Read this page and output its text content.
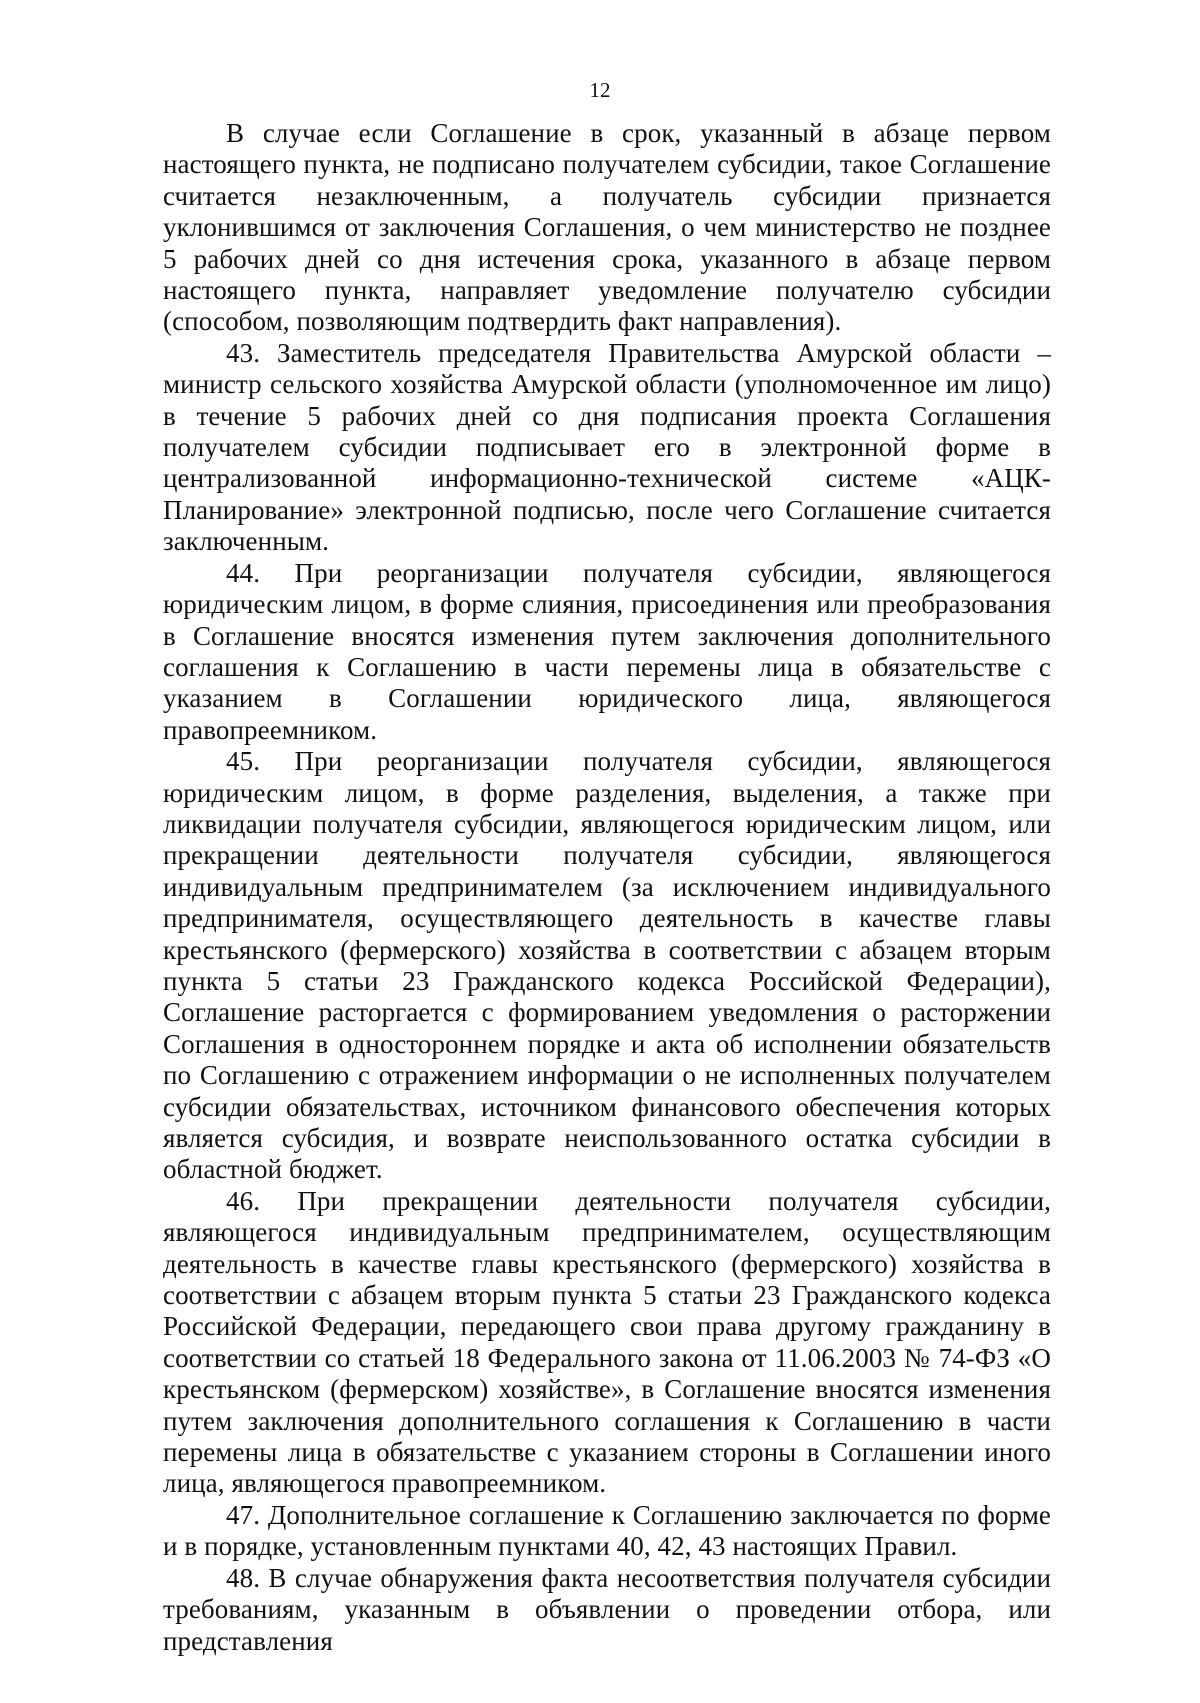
12

В случае если Соглашение в срок, указанный в абзаце первом настоящего пункта, не подписано получателем субсидии, такое Соглашение считается незаключенным, а получатель субсидии признается уклонившимся от заключения Соглашения, о чем министерство не позднее 5 рабочих дней со дня истечения срока, указанного в абзаце первом настоящего пункта, направляет уведомление получателю субсидии (способом, позволяющим подтвердить факт направления).

43. Заместитель председателя Правительства Амурской области – министр сельского хозяйства Амурской области (уполномоченное им лицо) в течение 5 рабочих дней со дня подписания проекта Соглашения получателем субсидии подписывает его в электронной форме в централизованной информационно-технической системе «АЦК-Планирование» электронной подписью, после чего Соглашение считается заключенным.

44. При реорганизации получателя субсидии, являющегося юридическим лицом, в форме слияния, присоединения или преобразования в Соглашение вносятся изменения путем заключения дополнительного соглашения к Соглашению в части перемены лица в обязательстве с указанием в Соглашении юридического лица, являющегося правопреемником.

45. При реорганизации получателя субсидии, являющегося юридическим лицом, в форме разделения, выделения, а также при ликвидации получателя субсидии, являющегося юридическим лицом, или прекращении деятельности получателя субсидии, являющегося индивидуальным предпринимателем (за исключением индивидуального предпринимателя, осуществляющего деятельность в качестве главы крестьянского (фермерского) хозяйства в соответствии с абзацем вторым пункта 5 статьи 23 Гражданского кодекса Российской Федерации), Соглашение расторгается с формированием уведомления о расторжении Соглашения в одностороннем порядке и акта об исполнении обязательств по Соглашению с отражением информации о не исполненных получателем субсидии обязательствах, источником финансового обеспечения которых является субсидия, и возврате неиспользованного остатка субсидии в областной бюджет.

46. При прекращении деятельности получателя субсидии, являющегося индивидуальным предпринимателем, осуществляющим деятельность в качестве главы крестьянского (фермерского) хозяйства в соответствии с абзацем вторым пункта 5 статьи 23 Гражданского кодекса Российской Федерации, передающего свои права другому гражданину в соответствии со статьей 18 Федерального закона от 11.06.2003 № 74-ФЗ «О крестьянском (фермерском) хозяйстве», в Соглашение вносятся изменения путем заключения дополнительного соглашения к Соглашению в части перемены лица в обязательстве с указанием стороны в Соглашении иного лица, являющегося правопреемником.

47. Дополнительное соглашение к Соглашению заключается по форме и в порядке, установленным пунктами 40, 42, 43 настоящих Правил.

48. В случае обнаружения факта несоответствия получателя субсидии требованиям, указанным в объявлении о проведении отбора, или представления
